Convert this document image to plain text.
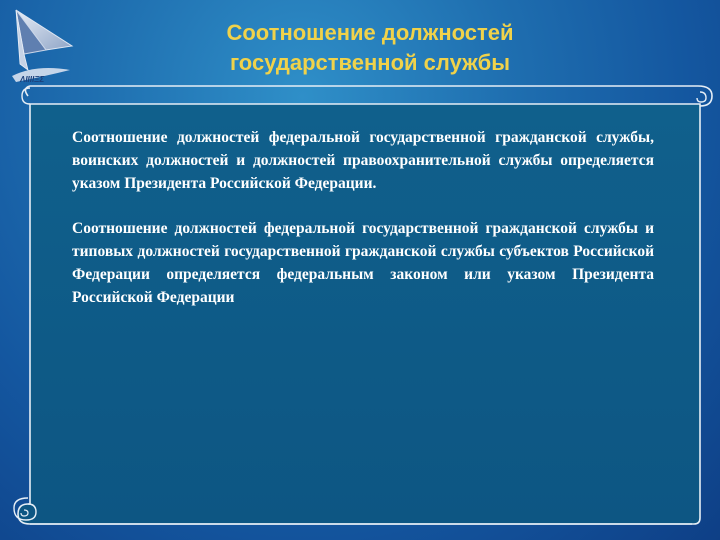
ΛΙΙΙΙΞΣ
Соотношение должностей
государственной службы

Соотношение должностей федеральной государственной гражданской службы, воинских должностей и должностей правоохранительной службы определяется указом Президента Российской Федерации.

Соотношение должностей федеральной государственной гражданской службы и типовых должностей государственной гражданской службы субъектов Российской Федерации определяется федеральным законом или указом Президента Российской Федерации
